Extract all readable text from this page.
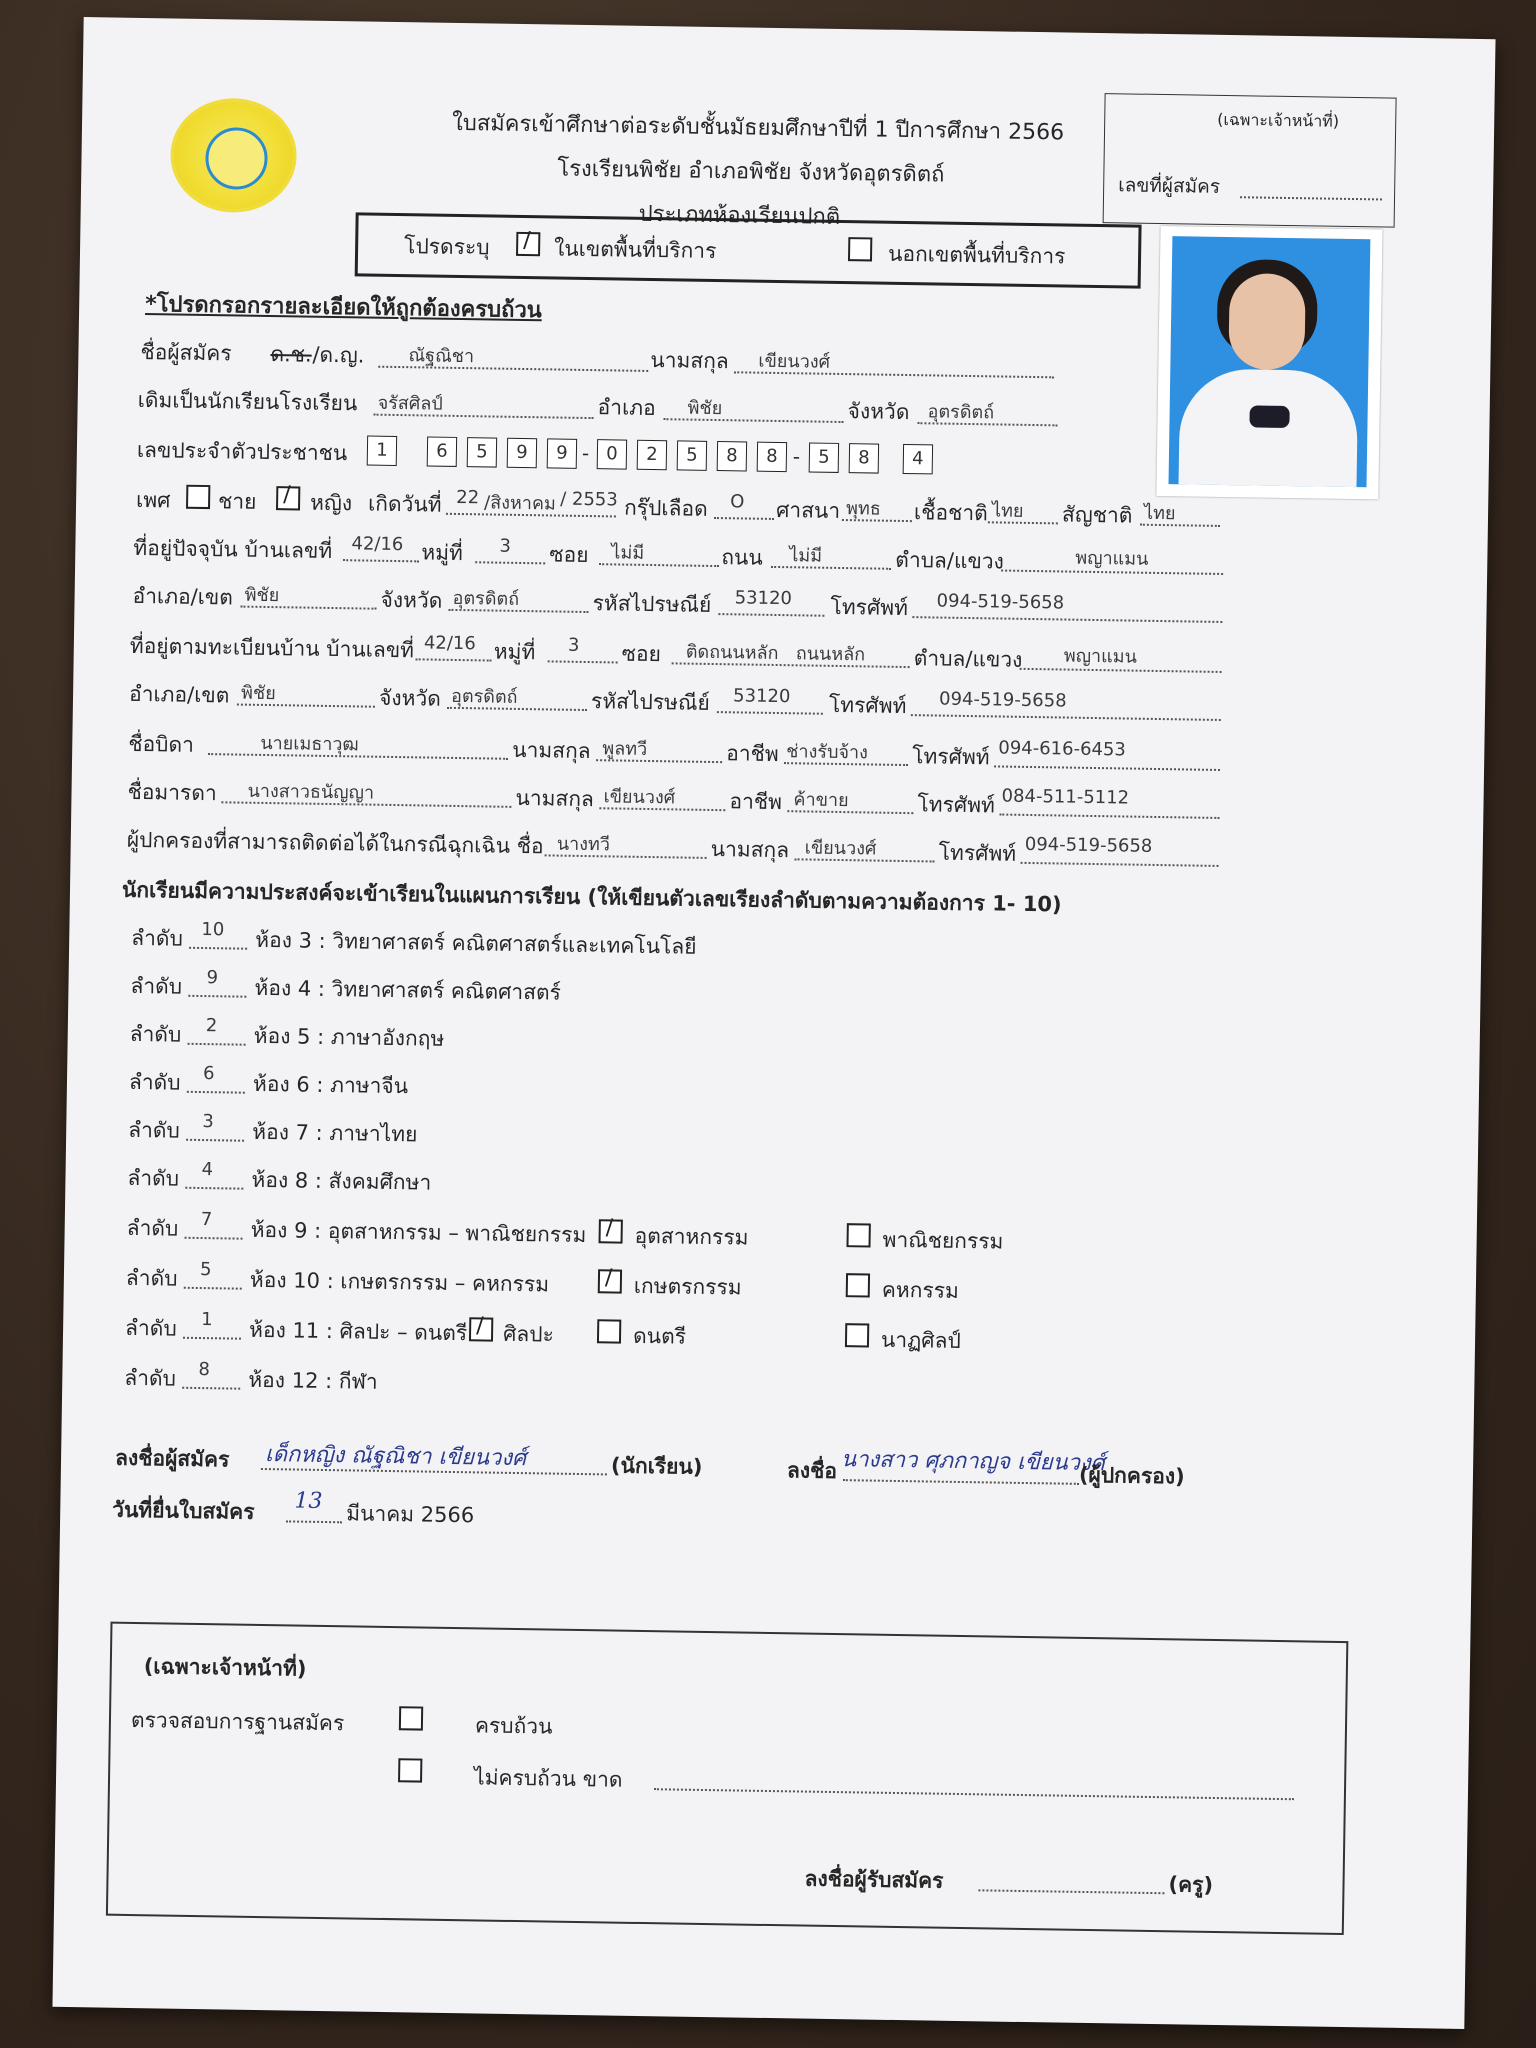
ใบสมัครเข้าศึกษาต่อระดับชั้นมัธยมศึกษาปีที่ 1 ปีการศึกษา 2566
โรงเรียนพิชัย อำเภอพิชัย จังหวัดอุตรดิตถ์
ประเภทห้องเรียนปกติ
(เฉพาะเจ้าหน้าที่)
เลขที่ผู้สมัคร
โปรดระบุ /	ในเขตพื้นที่บริการ	นอกเขตพื้นที่บริการ
*โปรดกรอกรายละเอียดให้ถูกต้องครบถ้วน
ชื่อผู้สมัคร ด.ช. /ด.ญ. ณัฐณิชา	นามสกุล เขียนวงศ์
เดิมเป็นนักเรียนโรงเรียน จรัสศิลป์	อำเภอ พิชัย	จังหวัด อุตรดิตถ์
เลขประจำตัวประชาชน	1	6	5	9	9 - 0	2	5	8	8 - 5	8	4
เพศ ชาย /	หญิง เกิดวันที่ 22 /สิงหาคม / 2553 กรุ๊ปเลือด O ศาสนา พุทธ เชื้อชาติ ไทย สัญชาติ ไทย
ที่อยู่ปัจจุบัน บ้านเลขที่ 42/16 หมู่ที่ 3 ซอย ไม่มี	ถนน ไม่มี	ตำบล/แขวง	พญาแมน
อำเภอ/เขต พิชัย	จังหวัด อุตรดิตถ์	รหัสไปรษณีย์ 53120 โทรศัพท์ 094-519-5658
ที่อยู่ตามทะเบียนบ้าน บ้านเลขที่ 42/16 หมู่ที่ 3 ซอย ติดถนนหลัก ถนนหลัก ตำบล/แขวง พญาแมน
อำเภอ/เขต พิชัย	จังหวัด อุตรดิตถ์	รหัสไปรษณีย์ 53120 โทรศัพท์ 094-519-5658
ชื่อบิดา	นายเมธาวุฒ	นามสกุล พูลทวี	อาชีพ ช่างรับจ้าง โทรศัพท์ 094-616-6453
ชื่อมารดา นางสาวธนัญญา	นามสกุล เขียนวงศ์	อาชีพ ค้าขาย	โทรศัพท์ 084-511-5112
ผู้ปกครองที่สามารถติดต่อได้ในกรณีฉุกเฉิน ชื่อ นางทวี	นามสกุล เขียนวงศ์	โทรศัพท์ 094-519-5658
นักเรียนมีความประสงค์จะเข้าเรียนในแผนการเรียน (ให้เขียนตัวเลขเรียงลำดับตามความต้องการ 1- 10)
ลำดับ 10 ห้อง 3 : วิทยาศาสตร์ คณิตศาสตร์และเทคโนโลยี
ลำดับ 9 ห้อง 4 : วิทยาศาสตร์ คณิตศาสตร์
ลำดับ 2 ห้อง 5 : ภาษาอังกฤษ
ลำดับ 6 ห้อง 6 : ภาษาจีน
ลำดับ 3 ห้อง 7 : ภาษาไทย
ลำดับ 4 ห้อง 8 : สังคมศึกษา
ลำดับ 7 ห้อง 9 : อุตสาหกรรม – พาณิชยกรรม / อุตสาหกรรม	พาณิชยกรรม
ลำดับ 5 ห้อง 10 : เกษตรกรรม – คหกรรม /	เกษตรกรรม	คหกรรม
ลำดับ 1 ห้อง 11 : ศิลปะ – ดนตรี / ศิลปะ	ดนตรี	นาฏศิลป์
ลำดับ 8 ห้อง 12 : กีฬา
ลงชื่อผู้สมัคร เด็กหญิง ณัฐณิชา เขียนวงศ์	(นักเรียน)	ลงชื่อ นางสาว ศุภกาญจ เขียนวงศ์
(ผู้ปกครอง)
วันที่ยื่นใบสมัคร 13
มีนาคม 2566
(เฉพาะเจ้าหน้าที่)
ตรวจสอบการฐานสมัคร	ครบถ้วน
ไม่ครบถ้วน ขาด
ลงชื่อผู้รับสมัคร	(ครู)
